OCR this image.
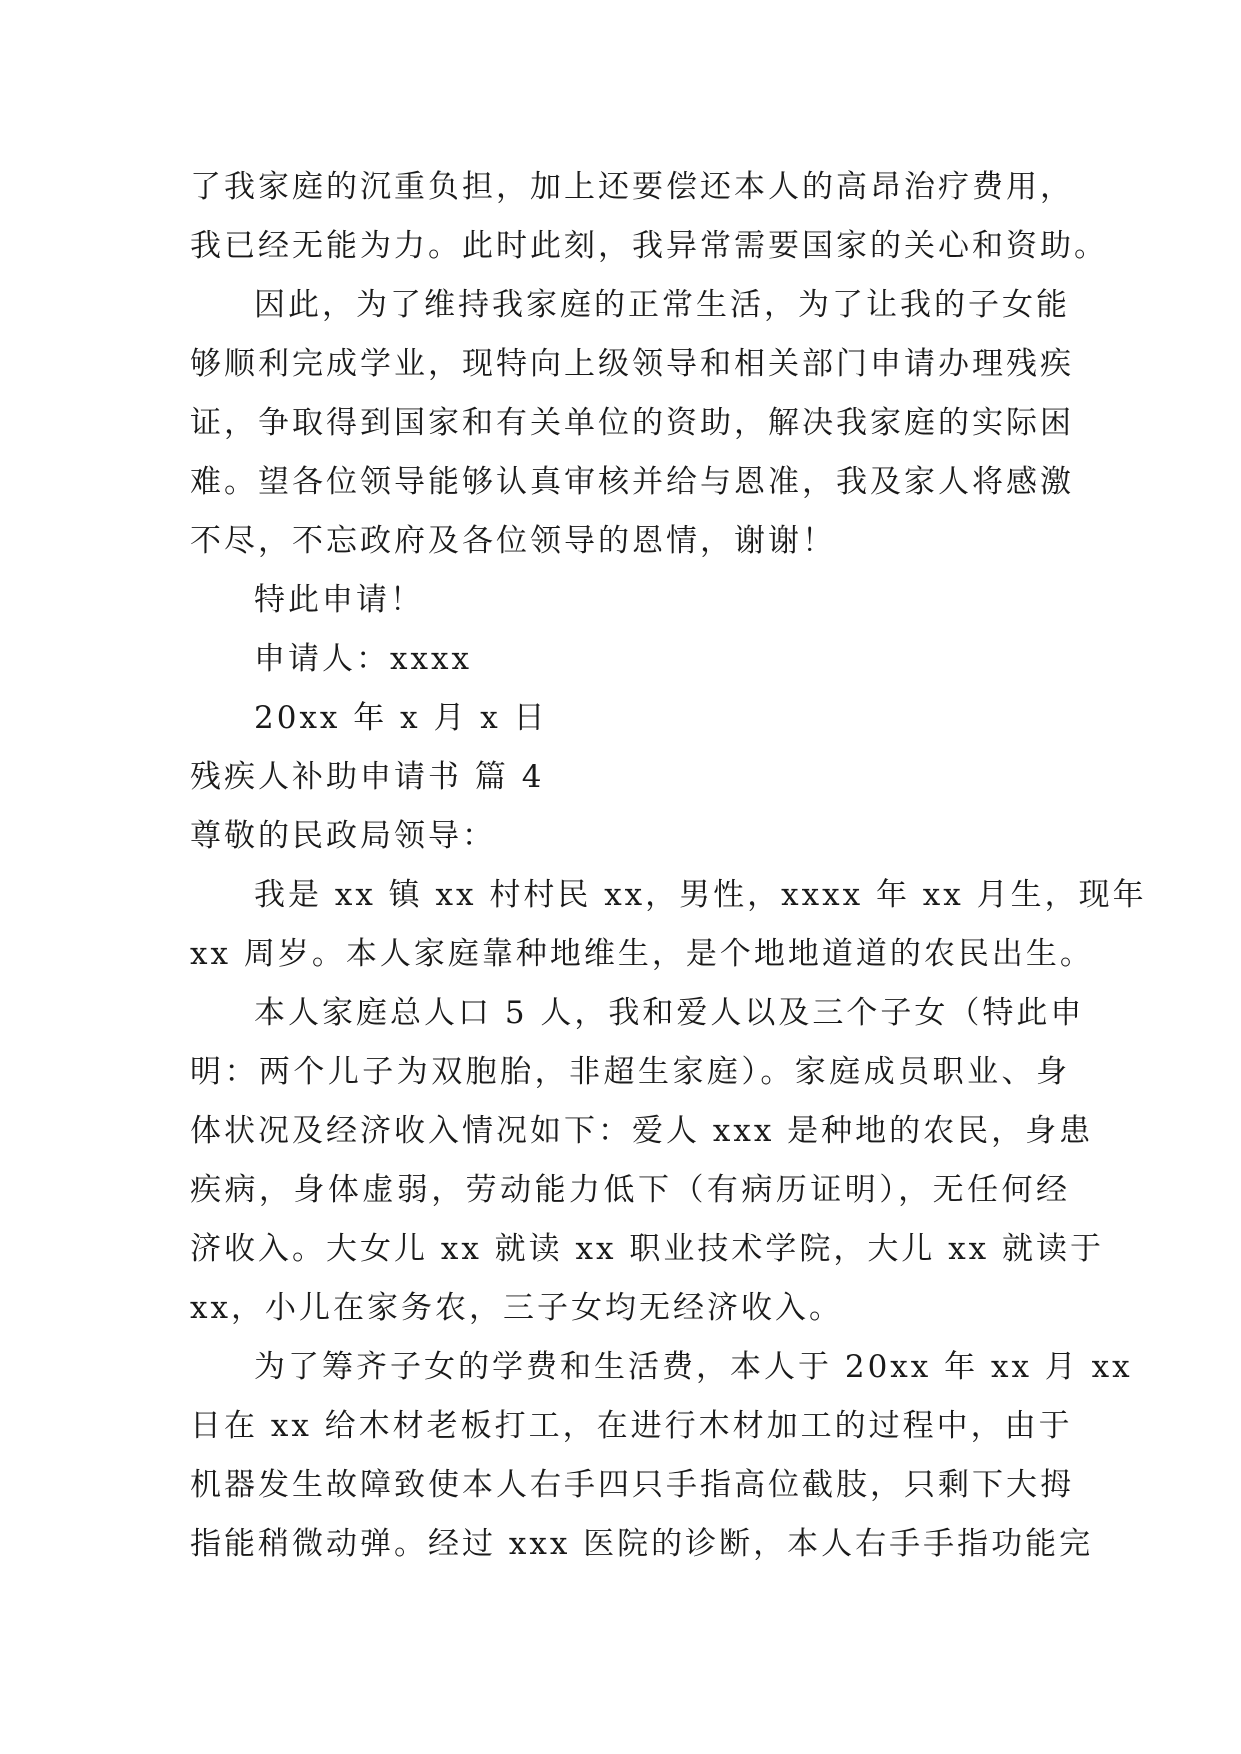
了我家庭的沉重负担，加上还要偿还本人的高昂治疗费用，
我已经无能为力。此时此刻，我异常需要国家的关心和资助。
因此，为了维持我家庭的正常生活，为了让我的子女能
够顺利完成学业，现特向上级领导和相关部门申请办理残疾
证，争取得到国家和有关单位的资助，解决我家庭的实际困
难。望各位领导能够认真审核并给与恩准，我及家人将感激
不尽，不忘政府及各位领导的恩情，谢谢！
特此申请！
申请人：xxxx
20xx 年 x 月 x 日
残疾人补助申请书 篇 4
尊敬的民政局领导：
我是 xx 镇 xx 村村民 xx，男性，xxxx 年 xx 月生，现年
xx 周岁。本人家庭靠种地维生，是个地地道道的农民出生。
本人家庭总人口 5 人，我和爱人以及三个子女（特此申
明：两个儿子为双胞胎，非超生家庭）。家庭成员职业、身
体状况及经济收入情况如下：爱人 xxx 是种地的农民，身患
疾病，身体虚弱，劳动能力低下（有病历证明），无任何经
济收入。大女儿 xx 就读 xx 职业技术学院，大儿 xx 就读于
xx，小儿在家务农，三子女均无经济收入。
为了筹齐子女的学费和生活费，本人于 20xx 年 xx 月 xx
日在 xx 给木材老板打工，在进行木材加工的过程中，由于
机器发生故障致使本人右手四只手指高位截肢，只剩下大拇
指能稍微动弹。经过 xxx 医院的诊断，本人右手手指功能完
